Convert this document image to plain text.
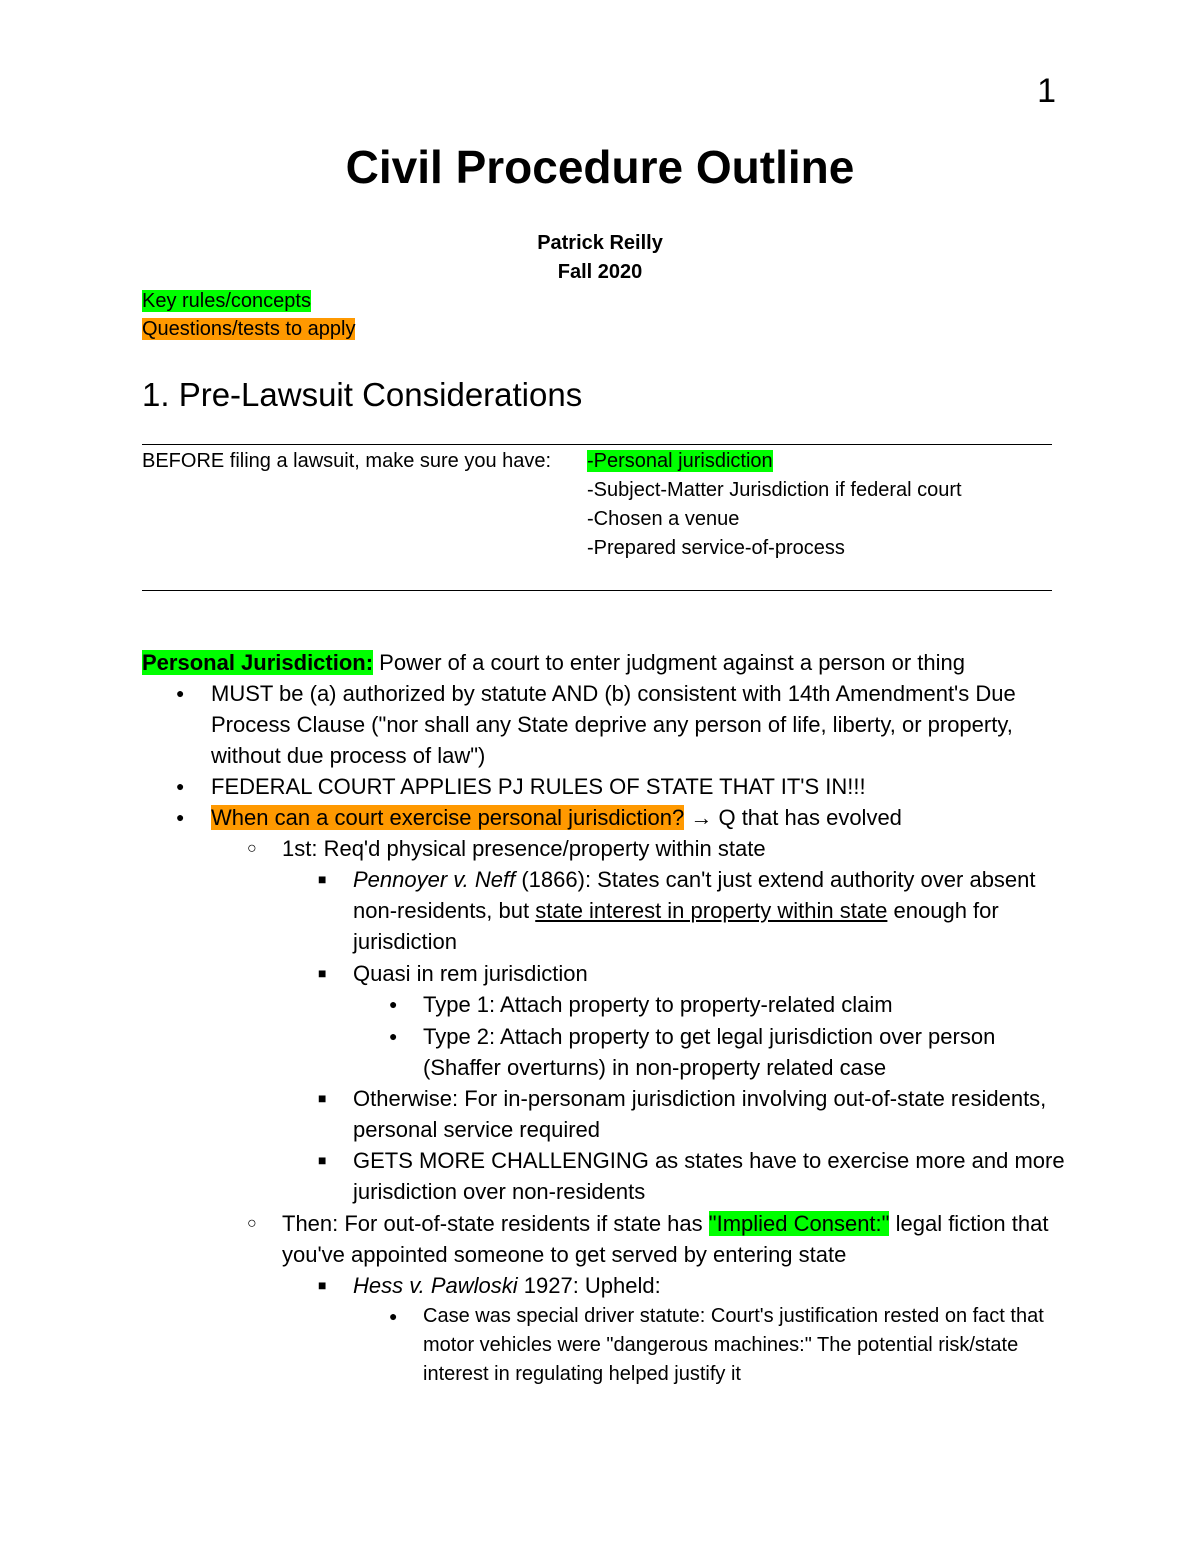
1
Civil Procedure Outline
Patrick Reilly
Fall 2020
Key rules/concepts
Questions/tests to apply
1. Pre-Lawsuit Considerations
BEFORE filing a lawsuit, make sure you have: -Personal jurisdiction
-Subject-Matter Jurisdiction if federal court
-Chosen a venue
-Prepared service-of-process
Personal Jurisdiction: Power of a court to enter judgment against a person or thing
● MUST be (a) authorized by statute AND (b) consistent with 14th Amendment's Due Process Clause ("nor shall any State deprive any person of life, liberty, or property, without due process of law")
● FEDERAL COURT APPLIES PJ RULES OF STATE THAT IT'S IN!!!
● When can a court exercise personal jurisdiction? → Q that has evolved
○ 1st: Req'd physical presence/property within state
■ Pennoyer v. Neff (1866): States can't just extend authority over absent non-residents, but state interest in property within state enough for jurisdiction
■ Quasi in rem jurisdiction
● Type 1: Attach property to property-related claim
● Type 2: Attach property to get legal jurisdiction over person (Shaffer overturns) in non-property related case
■ Otherwise: For in-personam jurisdiction involving out-of-state residents, personal service required
■ GETS MORE CHALLENGING as states have to exercise more and more jurisdiction over non-residents
○ Then: For out-of-state residents if state has "Implied Consent:" legal fiction that you've appointed someone to get served by entering state
■ Hess v. Pawloski 1927: Upheld:
● Case was special driver statute: Court's justification rested on fact that motor vehicles were "dangerous machines:" The potential risk/state interest in regulating helped justify it
